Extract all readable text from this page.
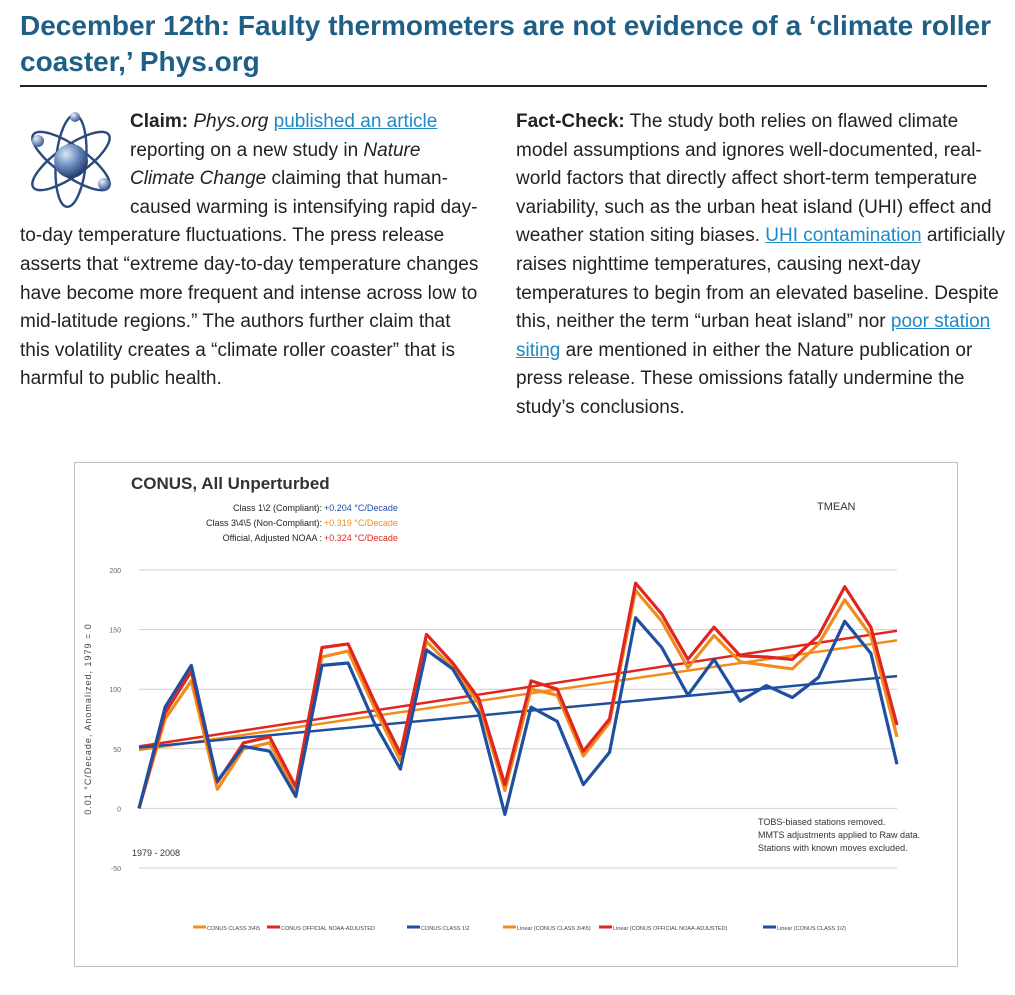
December 12th: Faulty thermometers are not evidence of a ‘climate roller coaster,’ Phys.org
Claim: Phys.org published an article reporting on a new study in Nature Climate Change claiming that human-caused warming is intensifying rapid day-to-day temperature fluctuations. The press release asserts that “extreme day-to-day temperature changes have become more frequent and intense across low to mid-latitude regions.” The authors further claim that this volatility creates a “climate roller coaster” that is harmful to public health.
Fact-Check: The study both relies on flawed climate model assumptions and ignores well-documented, real-world factors that directly affect short-term temperature variability, such as the urban heat island (UHI) effect and weather station siting biases. UHI contamination artificially raises nighttime temperatures, causing next-day temperatures to begin from an elevated baseline. Despite this, neither the term “urban heat island” nor poor station siting are mentioned in either the Nature publication or press release. These omissions fatally undermine the study’s conclusions.
200
150
100
50
0
-50
0.01 °C/Decade, Anomalized, 1979 = 0
CONUS, All Unperturbed
Class 1\2 (Compliant): +0.204 °C/Decade
Class 3\4\5 (Non-Compliant): +0.319 °C/Decade
Official, Adjusted NOAA : +0.324 °C/Decade
TMEAN
1979 - 2008
TOBS-biased stations removed.
MMTS adjustments applied to Raw data.
Stations with known moves excluded.
CONUS CLASS 3\4\5	CONUS OFFICIAL NOAA-ADJUSTED	CONUS CLASS 1\2	Linear (CONUS CLASS 3\4\5)	Linear (CONUS OFFICIAL NOAA-ADJUSTED)	Linear (CONUS CLASS 1\2)
